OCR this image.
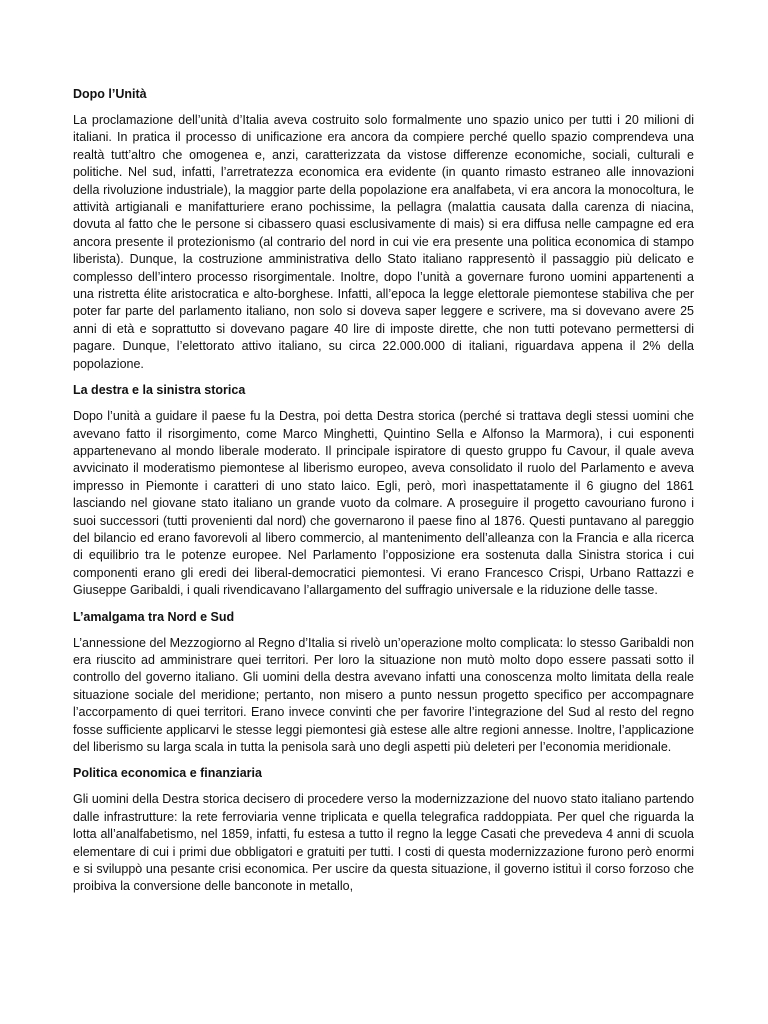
Dopo l’Unità
La proclamazione dell’unità d’Italia aveva costruito solo formalmente uno spazio unico per tutti i 20 milioni di italiani. In pratica il processo di unificazione era ancora da compiere perché quello spazio comprendeva una realtà tutt’altro che omogenea e, anzi, caratterizzata da vistose differenze economiche, sociali, culturali e politiche. Nel sud, infatti, l’arretratezza economica era evidente (in quanto rimasto estraneo alle innovazioni della rivoluzione industriale), la maggior parte della popolazione era analfabeta, vi era ancora la monocoltura, le attività artigianali e manifatturiere erano pochissime, la pellagra (malattia causata dalla carenza di niacina, dovuta al fatto che le persone si cibassero quasi esclusivamente di mais) si era diffusa nelle campagne ed era ancora presente il protezionismo (al contrario del nord in cui vie era presente una politica economica di stampo liberista). Dunque, la costruzione amministrativa dello Stato italiano rappresentò il passaggio più delicato e complesso dell’intero processo risorgimentale. Inoltre, dopo l’unità a governare furono uomini appartenenti a una ristretta élite aristocratica e alto-borghese. Infatti, all’epoca la legge elettorale piemontese stabiliva che per poter far parte del parlamento italiano, non solo si doveva saper leggere e scrivere, ma si dovevano avere 25 anni di età e soprattutto si dovevano pagare 40 lire di imposte dirette, che non tutti potevano permettersi di pagare. Dunque, l’elettorato attivo italiano, su circa 22.000.000 di italiani, riguardava appena il 2% della popolazione.
La destra e la sinistra storica
Dopo l’unità a guidare il paese fu la Destra, poi detta Destra storica (perché si trattava degli stessi uomini che avevano fatto il risorgimento, come Marco Minghetti, Quintino Sella e Alfonso la Marmora), i cui esponenti appartenevano al mondo liberale moderato. Il principale ispiratore di questo gruppo fu Cavour, il quale aveva avvicinato il moderatismo piemontese al liberismo europeo, aveva consolidato il ruolo del Parlamento e aveva impresso in Piemonte i caratteri di uno stato laico. Egli, però, morì inaspettatamente il 6 giugno del 1861 lasciando nel giovane stato italiano un grande vuoto da colmare. A proseguire il progetto cavouriano furono i suoi successori (tutti provenienti dal nord) che governarono il paese fino al 1876. Questi puntavano al pareggio del bilancio ed erano favorevoli al libero commercio, al mantenimento dell’alleanza con la Francia e alla ricerca di equilibrio tra le potenze europee. Nel Parlamento l’opposizione era sostenuta dalla Sinistra storica i cui componenti erano gli eredi dei liberal-democratici piemontesi. Vi erano Francesco Crispi, Urbano Rattazzi e Giuseppe Garibaldi, i quali rivendicavano l’allargamento del suffragio universale e la riduzione delle tasse.
L’amalgama tra Nord e Sud
L’annessione del Mezzogiorno al Regno d’Italia si rivelò un’operazione molto complicata: lo stesso Garibaldi non era riuscito ad amministrare quei territori. Per loro la situazione non mutò molto dopo essere passati sotto il controllo del governo italiano. Gli uomini della destra avevano infatti una conoscenza molto limitata della reale situazione sociale del meridione; pertanto, non misero a punto nessun progetto specifico per accompagnare l’accorpamento di quei territori. Erano invece convinti che per favorire l’integrazione del Sud al resto del regno fosse sufficiente applicarvi le stesse leggi piemontesi già estese alle altre regioni annesse. Inoltre, l’applicazione del liberismo su larga scala in tutta la penisola sarà uno degli aspetti più deleteri per l’economia meridionale.
Politica economica e finanziaria
Gli uomini della Destra storica decisero di procedere verso la modernizzazione del nuovo stato italiano partendo dalle infrastrutture: la rete ferroviaria venne triplicata e quella telegrafica raddoppiata. Per quel che riguarda la lotta all’analfabetismo, nel 1859, infatti, fu estesa a tutto il regno la legge Casati che prevedeva 4 anni di scuola elementare di cui i primi due obbligatori e gratuiti per tutti. I costi di questa modernizzazione furono però enormi e si sviluppò una pesante crisi economica. Per uscire da questa situazione, il governo istituì il corso forzoso che proibiva la conversione delle banconote in metallo,
